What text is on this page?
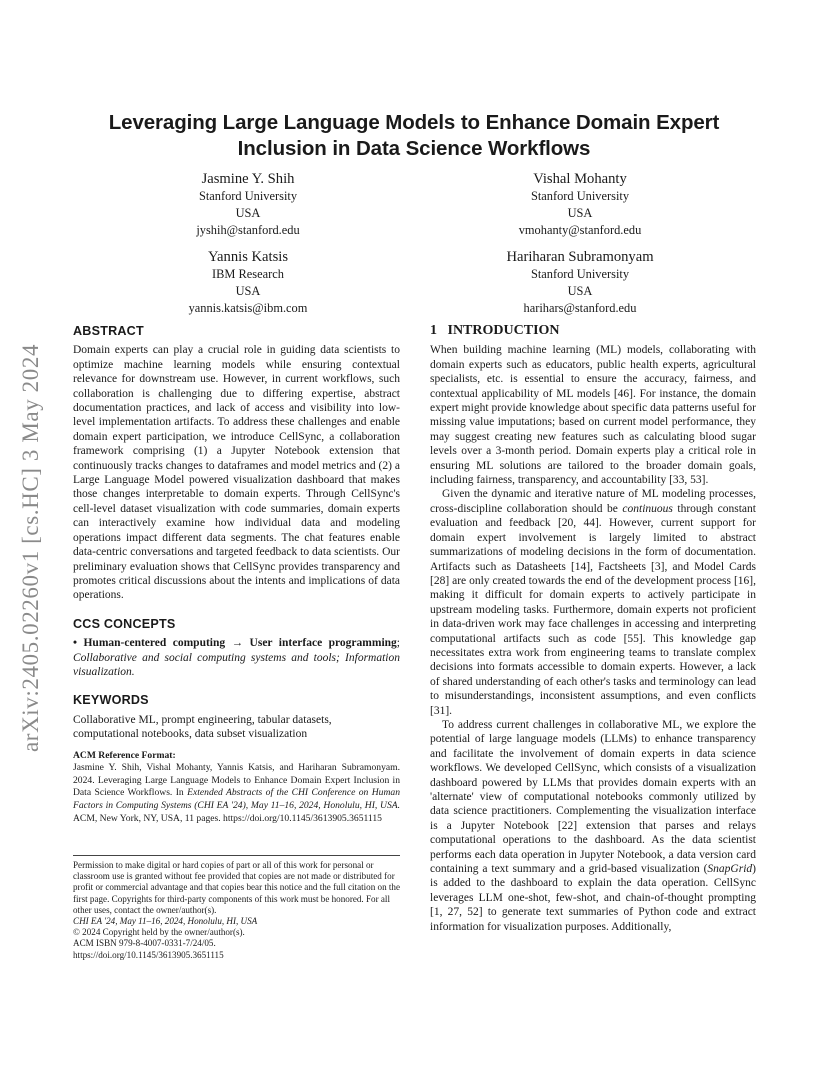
arXiv:2405.02260v1 [cs.HC] 3 May 2024
Leveraging Large Language Models to Enhance Domain Expert
Inclusion in Data Science Workflows
Jasmine Y. Shih
Stanford University
USA
jyshih@stanford.edu
Vishal Mohanty
Stanford University
USA
vmohanty@stanford.edu
Yannis Katsis
IBM Research
USA
yannis.katsis@ibm.com
Hariharan Subramonyam
Stanford University
USA
harihars@stanford.edu
ABSTRACT

Domain experts can play a crucial role in guiding data scientists to optimize machine learning models while ensuring contextual relevance for downstream use. However, in current workflows, such collaboration is challenging due to differing expertise, abstract documentation practices, and lack of access and visibility into low-level implementation artifacts. To address these challenges and enable domain expert participation, we introduce CellSync, a collaboration framework comprising (1) a Jupyter Notebook extension that continuously tracks changes to dataframes and model metrics and (2) a Large Language Model powered visualization dashboard that makes those changes interpretable to domain experts. Through CellSync's cell-level dataset visualization with code summaries, domain experts can interactively examine how individual data and modeling operations impact different data segments. The chat features enable data-centric conversations and targeted feedback to data scientists. Our preliminary evaluation shows that CellSync provides transparency and promotes critical discussions about the intents and implications of data operations.

CCS CONCEPTS

• Human-centered computing → User interface programming; Collaborative and social computing systems and tools; Information visualization.

KEYWORDS

Collaborative ML, prompt engineering, tabular datasets, computational notebooks, data subset visualization

ACM Reference Format:
Jasmine Y. Shih, Vishal Mohanty, Yannis Katsis, and Hariharan Subramonyam. 2024. Leveraging Large Language Models to Enhance Domain Expert Inclusion in Data Science Workflows. In Extended Abstracts of the CHI Conference on Human Factors in Computing Systems (CHI EA '24), May 11–16, 2024, Honolulu, HI, USA. ACM, New York, NY, USA, 11 pages. https://doi.org/10.1145/3613905.3651115
Permission to make digital or hard copies of part or all of this work for personal or classroom use is granted without fee provided that copies are not made or distributed for profit or commercial advantage and that copies bear this notice and the full citation on the first page. Copyrights for third-party components of this work must be honored. For all other uses, contact the owner/author(s).
CHI EA '24, May 11–16, 2024, Honolulu, HI, USA
© 2024 Copyright held by the owner/author(s).
ACM ISBN 979-8-4007-0331-7/24/05.
https://doi.org/10.1145/3613905.3651115
1   INTRODUCTION

When building machine learning (ML) models, collaborating with domain experts such as educators, public health experts, agricultural specialists, etc. is essential to ensure the accuracy, fairness, and contextual applicability of ML models [46]. For instance, the domain expert might provide knowledge about specific data patterns useful for missing value imputations; based on current model performance, they may suggest creating new features such as calculating blood sugar levels over a 3-month period. Domain experts play a critical role in ensuring ML solutions are tailored to the broader domain goals, including fairness, transparency, and accountability [33, 53].

Given the dynamic and iterative nature of ML modeling processes, cross-discipline collaboration should be continuous through constant evaluation and feedback [20, 44]. However, current support for domain expert involvement is largely limited to abstract summarizations of modeling decisions in the form of documentation. Artifacts such as Datasheets [14], Factsheets [3], and Model Cards [28] are only created towards the end of the development process [16], making it difficult for domain experts to actively participate in upstream modeling tasks. Furthermore, domain experts not proficient in data-driven work may face challenges in accessing and interpreting computational artifacts such as code [55]. This knowledge gap necessitates extra work from engineering teams to translate complex decisions into formats accessible to domain experts. However, a lack of shared understanding of each other's tasks and terminology can lead to misunderstandings, inconsistent assumptions, and even conflicts [31].

To address current challenges in collaborative ML, we explore the potential of large language models (LLMs) to enhance transparency and facilitate the involvement of domain experts in data science workflows. We developed CellSync, which consists of a visualization dashboard powered by LLMs that provides domain experts with an 'alternate' view of computational notebooks commonly utilized by data science practitioners. Complementing the visualization interface is a Jupyter Notebook [22] extension that parses and relays computational operations to the dashboard. As the data scientist performs each data operation in Jupyter Notebook, a data version card containing a text summary and a grid-based visualization (SnapGrid) is added to the dashboard to explain the data operation. CellSync leverages LLM one-shot, few-shot, and chain-of-thought prompting [1, 27, 52] to generate text summaries of Python code and extract information for visualization purposes. Additionally,
